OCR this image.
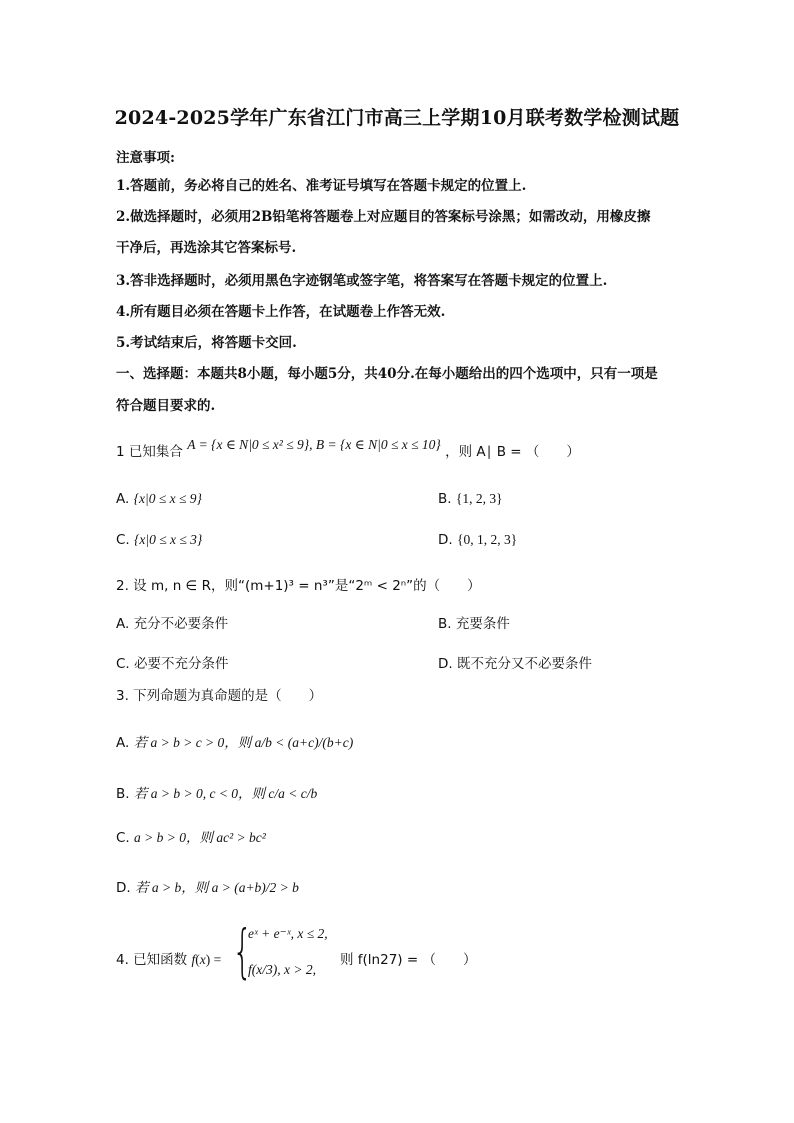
2024-2025学年广东省江门市高三上学期10月联考数学检测试题
注意事项:
1.答题前，务必将自己的姓名、准考证号填写在答题卡规定的位置上.
2.做选择题时，必须用2B铅笔将答题卷上对应题目的答案标号涂黑；如需改动，用橡皮擦
干净后，再选涂其它答案标号.
3.答非选择题时，必须用黑色字迹钢笔或签字笔，将答案写在答题卡规定的位置上.
4.所有题目必须在答题卡上作答，在试题卷上作答无效.
5.考试结束后，将答题卡交回.
一、选择题：本题共8小题，每小题5分，共40分.在每小题给出的四个选项中，只有一项是
符合题目要求的.
1 已知集合 A = {x ∈ N|0 ≤ x² ≤ 9}, B = {x ∈ N|0 ≤ x ≤ 10} ，则 A∣ B = （　　）
A. {x|0 ≤ x ≤ 9}	B. {1, 2, 3}
C. {x|0 ≤ x ≤ 3}	D. {0, 1, 2, 3}
2. 设 m, n ∈ R，则“(m+1)³ = n³”是“2ᵐ < 2ⁿ”的（　　）
A. 充分不必要条件	B. 充要条件
C. 必要不充分条件	D. 既不充分又不必要条件
3. 下列命题为真命题的是（　　）
A. 若 a > b > c > 0，则 a/b < (a+c)/(b+c)
B. 若 a > b > 0, c < 0，则 c/a < c/b
C. a > b > 0，则 ac² > bc²
D. 若 a > b，则 a > (a+b)/2 > b
4. 已知函数 f(x) = {
eˣ + e⁻ˣ, x ≤ 2,
f(x/3), x > 2,
则 f(ln27) = （　　）
